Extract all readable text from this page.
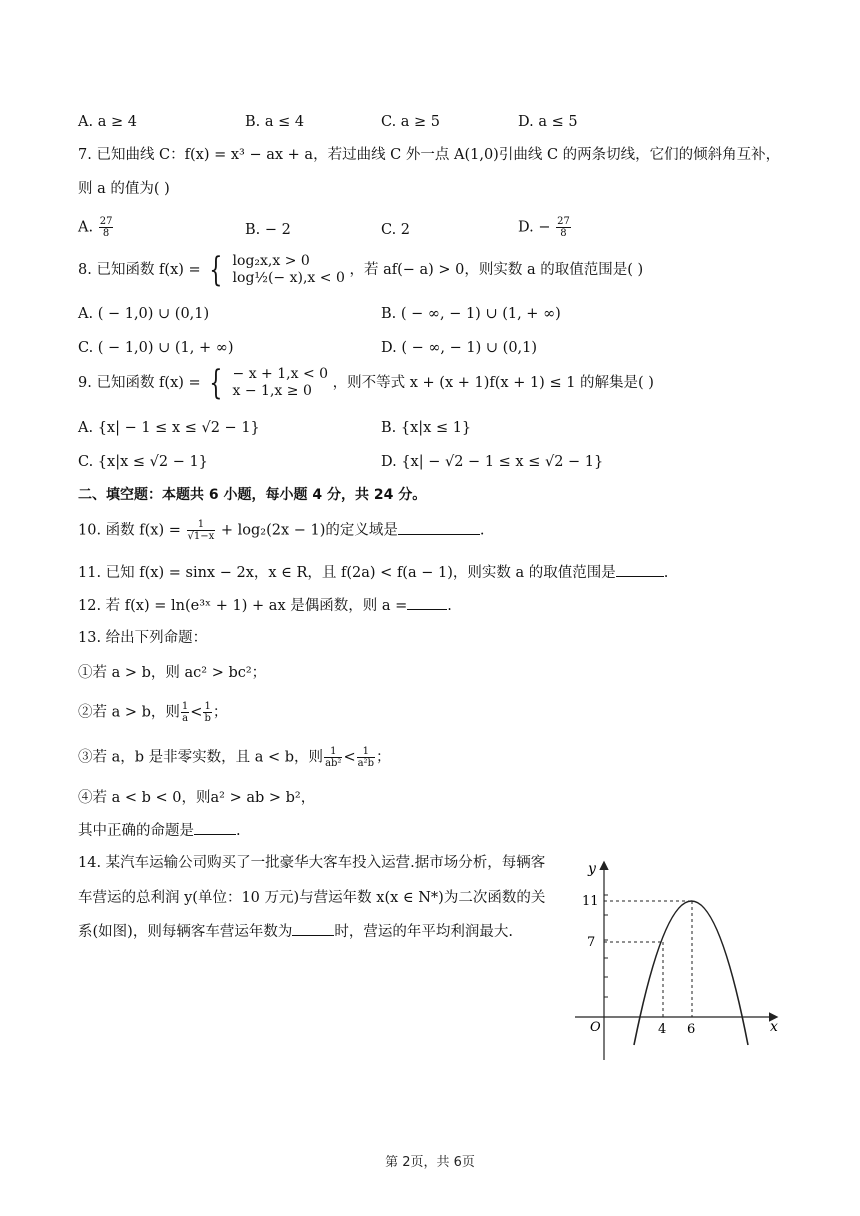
A. a ≥ 4	B. a ≤ 4	C. a ≥ 5	D. a ≤ 5
7. 已知曲线 C：f(x) = x³ − ax + a，若过曲线 C 外一点 A(1,0)引曲线 C 的两条切线，它们的倾斜角互补，
则 a 的值为( )
A. $\frac{27}{8}$	B. − 2	C. 2	D. − $\frac{27}{8}$
8. 已知函数 f(x) = { log₂x,x > 0
log½(− x),x < 0 ，若 af(− a) > 0，则实数 a 的取值范围是( )
A. ( − 1,0) ∪ (0,1)	B. ( − ∞, − 1) ∪ (1, + ∞)
C. ( − 1,0) ∪ (1, + ∞)	D. ( − ∞, − 1) ∪ (0,1)
9. 已知函数 f(x) = { − x + 1,x < 0
x − 1,x ≥ 0	，则不等式 x + (x + 1)f(x + 1) ≤ 1 的解集是( )
A. {x| − 1 ≤ x ≤ √2 − 1}	B. {x|x ≤ 1}
C. {x|x ≤ √2 − 1}	D. {x| − √2 − 1 ≤ x ≤ √2 − 1}
二、填空题：本题共 6 小题，每小题 4 分，共 24 分。
10. 函数 $f(x) = \frac{1}{√1-x} + \log_2(2x - 1)$的定义域是	.
11. 已知 f(x) = sinx − 2x，x ∈ R，且 f(2a) < f(a − 1)，则实数 a 的取值范围是	.
12. 若 f(x) = ln(e³ˣ + 1) + ax 是偶函数，则 a =	.
13. 给出下列命题：
①若 a > b，则 ac² > bc²；
②若 a > b，则 $\frac{1}{a} < \frac{1}{b}$ ；
③若 a，b 是非零实数，且 a < b，则 $\frac{1}{\text{ab²}} < \frac{1}{\text{a²b}}$ ；
④若 a < b < 0，则a² > ab > b²，
其中正确的命题是	.
14. 某汽车运输公司购买了一批豪华大客车投入运营.据市场分析，每辆客
车营运的总利润 y(单位：10 万元)与营运年数 x(x ∈ N*)为二次函数的关
系(如图)，则每辆客车营运年数为	时，营运的年平均利润最大.
y
x
O
11
7
4 6
第 2页，共 6页
